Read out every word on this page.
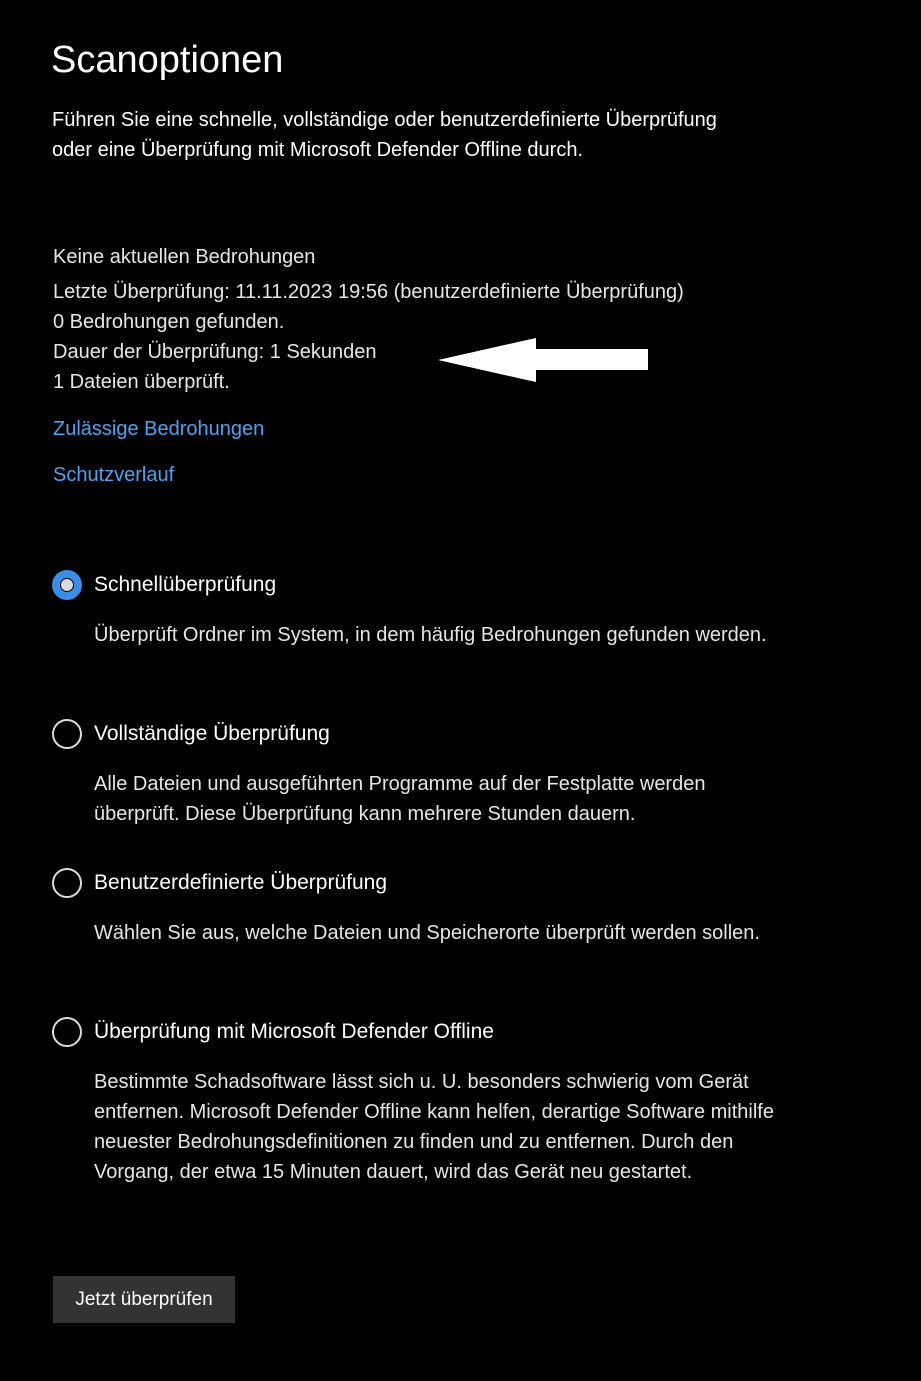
Scanoptionen
Führen Sie eine schnelle, vollständige oder benutzerdefinierte Überprüfung oder eine Überprüfung mit Microsoft Defender Offline durch.
Keine aktuellen Bedrohungen
Letzte Überprüfung: 11.11.2023 19:56 (benutzerdefinierte Überprüfung)
0 Bedrohungen gefunden.
Dauer der Überprüfung: 1 Sekunden
1 Dateien überprüft.
Zulässige Bedrohungen
Schutzverlauf
Schnellüberprüfung
Überprüft Ordner im System, in dem häufig Bedrohungen gefunden werden.
Vollständige Überprüfung
Alle Dateien und ausgeführten Programme auf der Festplatte werden überprüft. Diese Überprüfung kann mehrere Stunden dauern.
Benutzerdefinierte Überprüfung
Wählen Sie aus, welche Dateien und Speicherorte überprüft werden sollen.
Überprüfung mit Microsoft Defender Offline
Bestimmte Schadsoftware lässt sich u. U. besonders schwierig vom Gerät entfernen. Microsoft Defender Offline kann helfen, derartige Software mithilfe neuester Bedrohungsdefinitionen zu finden und zu entfernen. Durch den Vorgang, der etwa 15 Minuten dauert, wird das Gerät neu gestartet.
Jetzt überprüfen
